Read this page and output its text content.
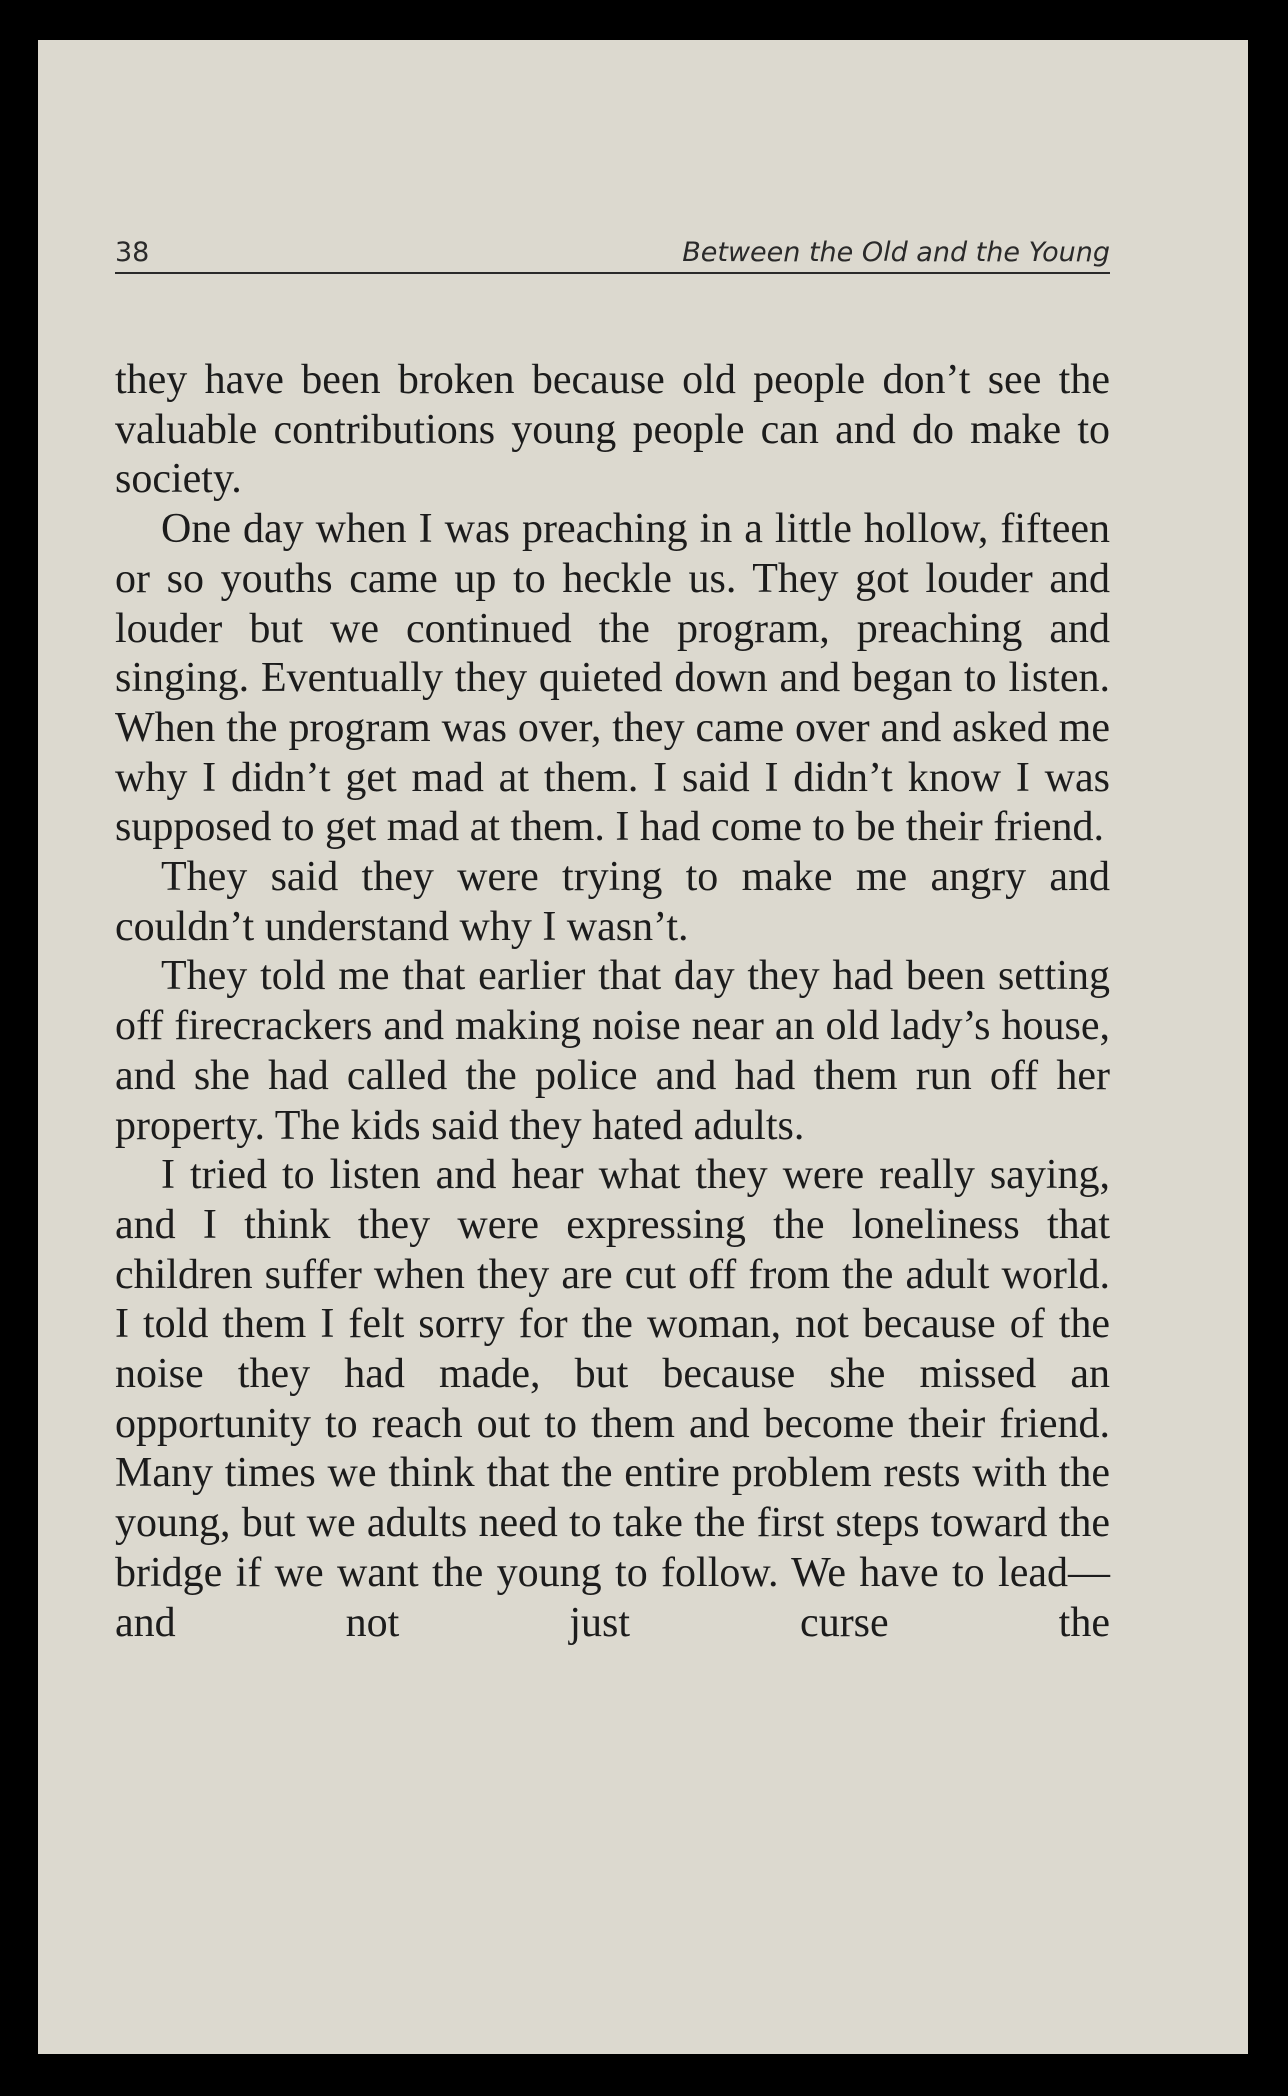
38	Between the Old and the Young

they have been broken because old people don’t see the valuable contributions young people can and do make to society.

One day when I was preaching in a little hollow, fifteen or so youths came up to heckle us. They got louder and louder but we continued the program, preaching and singing. Eventually they quieted down and began to listen. When the program was over, they came over and asked me why I didn’t get mad at them. I said I didn’t know I was supposed to get mad at them. I had come to be their friend.

They said they were trying to make me angry and couldn’t understand why I wasn’t.

They told me that earlier that day they had been setting off firecrackers and making noise near an old lady’s house, and she had called the police and had them run off her property. The kids said they hated adults.

I tried to listen and hear what they were really saying, and I think they were expressing the loneliness that children suffer when they are cut off from the adult world. I told them I felt sorry for the woman, not because of the noise they had made, but because she missed an opportunity to reach out to them and become their friend. Many times we think that the entire problem rests with the young, but we adults need to take the first steps toward the bridge if we want the young to follow. We have to lead—and not just curse the
